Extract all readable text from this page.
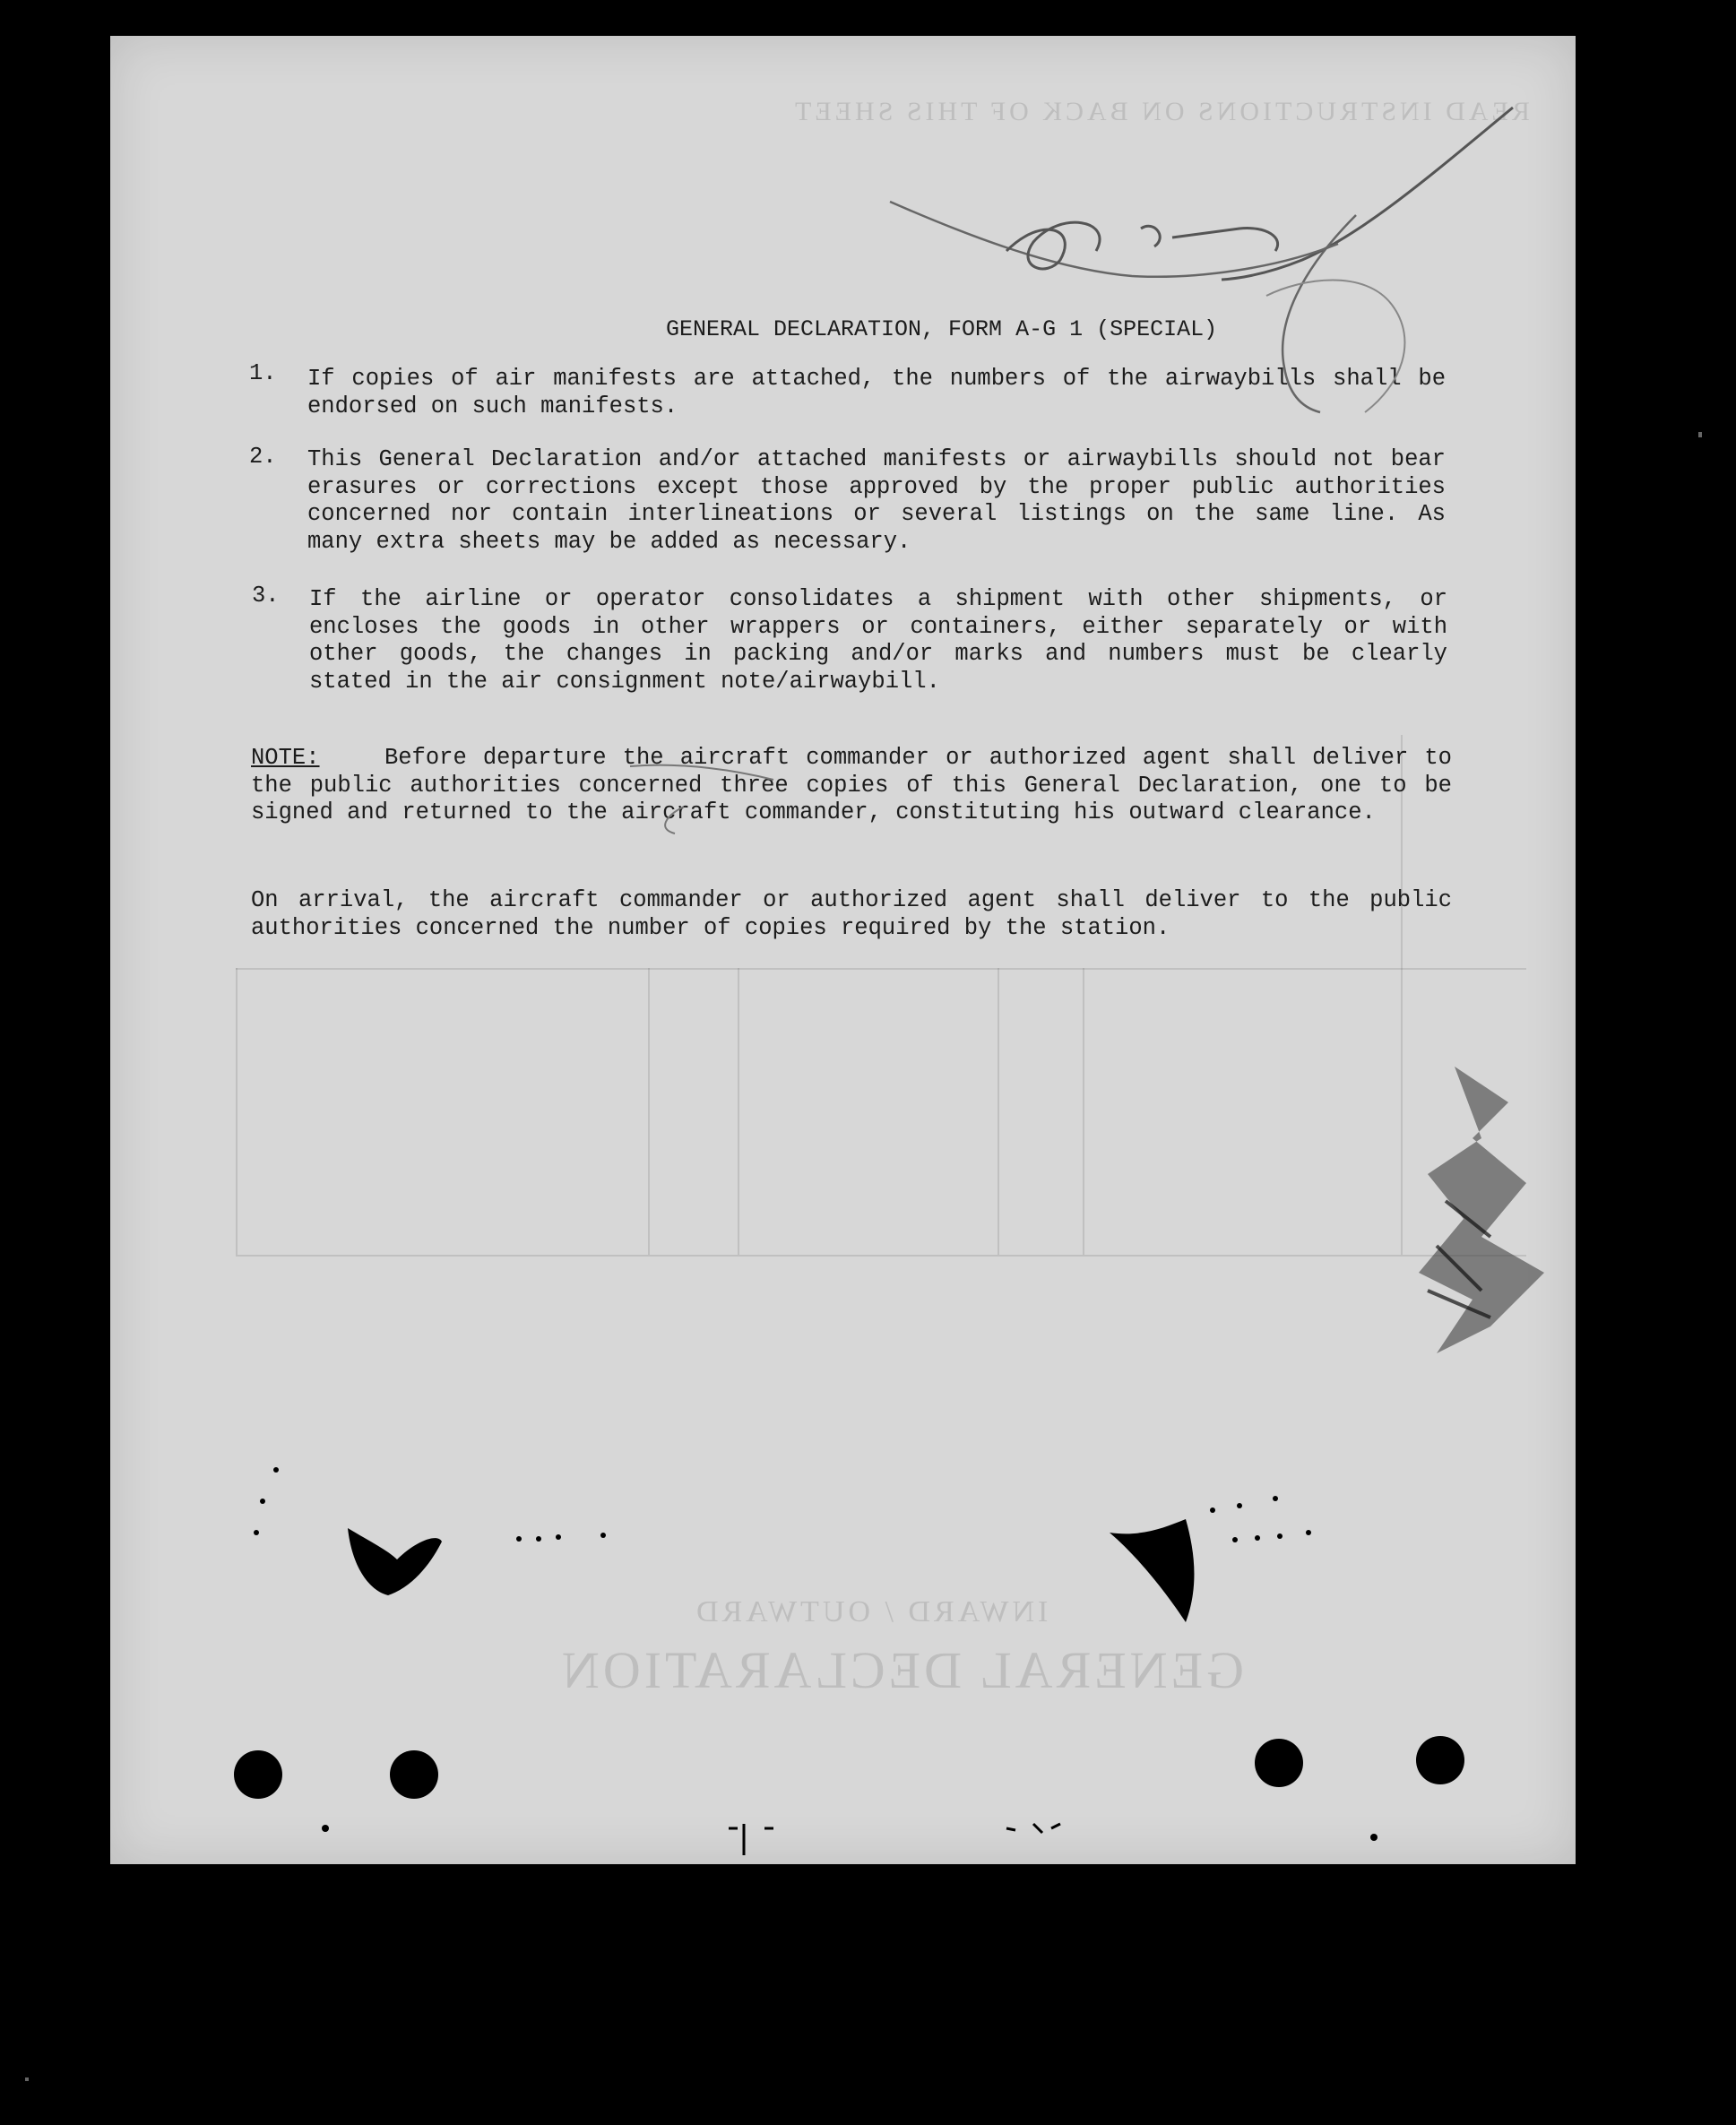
READ INSTRUCTIONS ON BACK OF THIS SHEET
GENERAL DECLARATION
INWARD / OUTWARD
GENERAL DECLARATION, FORM A-G 1 (SPECIAL)
1. If copies of air manifests are attached, the numbers of the airwaybills shall be endorsed on such manifests.
2. This General Declaration and/or attached manifests or airwaybills should not bear erasures or corrections except those approved by the proper public authorities concerned nor contain interlineations or several listings on the same line. As many extra sheets may be added as necessary.
3. If the airline or operator consolidates a shipment with other shipments, or encloses the goods in other wrappers or containers, either separately or with other goods, the changes in packing and/or marks and numbers must be clearly stated in the air consignment note/airwaybill.
NOTE:	Before departure the aircraft commander or authorized agent shall deliver to the public authorities concerned three copies of this General Declaration, one to be signed and returned to the aircraft commander, constituting his outward clearance.
On arrival, the aircraft commander or authorized agent shall deliver to the public authorities concerned the number of copies required by the station.
